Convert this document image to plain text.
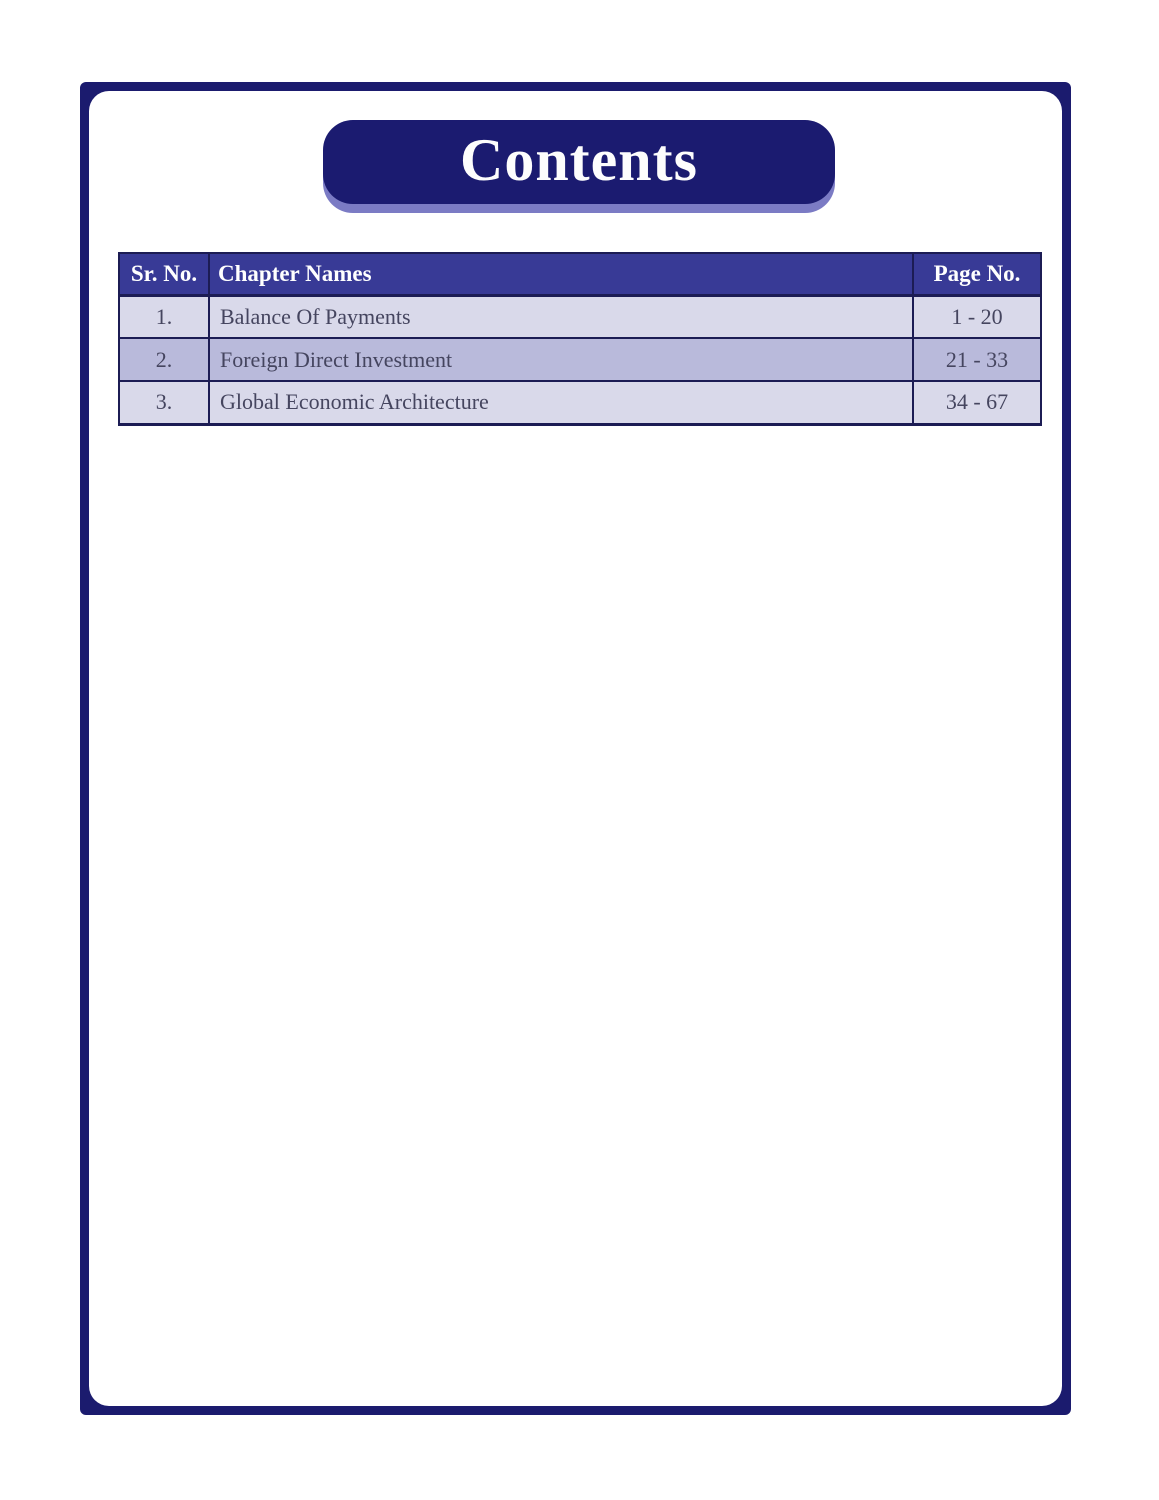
Contents
Sr. No.	Chapter Names	Page No.
1.	Balance Of Payments	1 - 20
2.	Foreign Direct Investment	21 - 33
3.	Global Economic Architecture	34 - 67
